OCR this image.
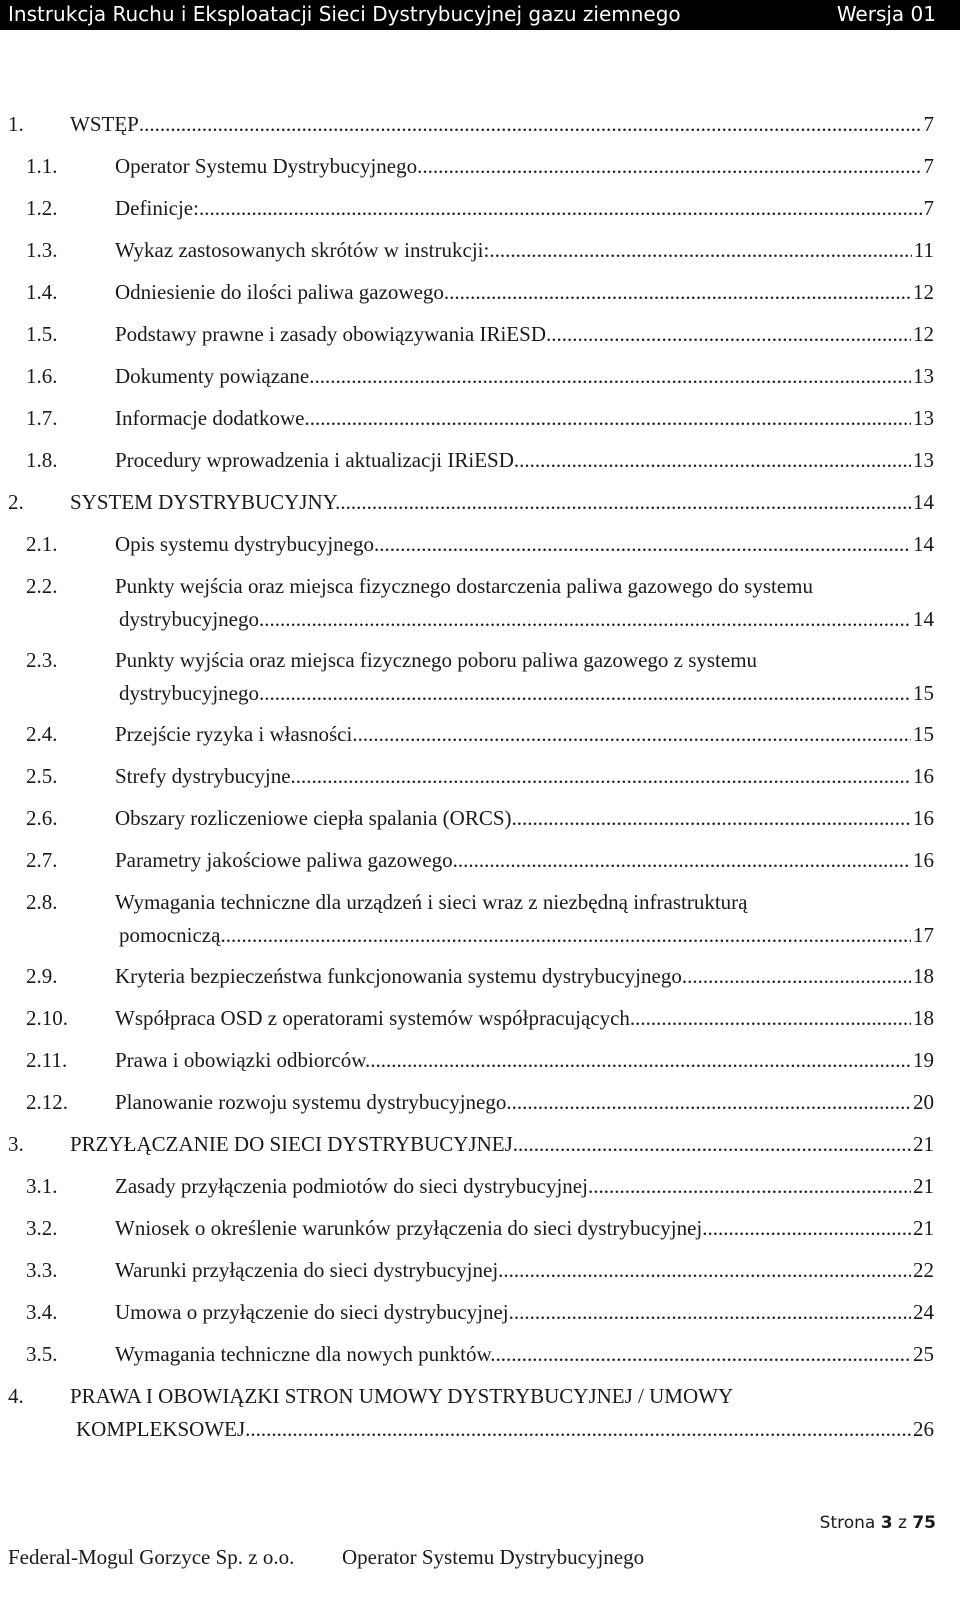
Instrukcja Ruchu i Eksploatacji Sieci Dystrybucyjnej gazu ziemnego	Wersja 01
1. WSTĘP .....	7
1.1.	Operator Systemu Dystrybucyjnego. .....	7
1.2.	Definicje: .....	7
1.3.	Wykaz zastosowanych skrótów w instrukcji: .....	11
1.4.	Odniesienie do ilości paliwa gazowego. .....	12
1.5.	Podstawy prawne i zasady obowiązywania IRiESD. .....	12
1.6.	Dokumenty powiązane. .....	13
1.7.	Informacje dodatkowe. .....	13
1.8.	Procedury wprowadzenia i aktualizacji IRiESD. .....	13
2. SYSTEM DYSTRYBUCYJNY. .....	14
2.1.	Opis systemu dystrybucyjnego. .....	14
2.2.	Punkty wejścia oraz miejsca fizycznego dostarczenia paliwa gazowego do systemu
dystrybucyjnego. .....	14
2.3.	Punkty wyjścia oraz miejsca fizycznego poboru paliwa gazowego z systemu
dystrybucyjnego. .....	15
2.4.	Przejście ryzyka i własności. .....	15
2.5.	Strefy dystrybucyjne. .....	16
2.6.	Obszary rozliczeniowe ciepła spalania (ORCS). .....	16
2.7.	Parametry jakościowe paliwa gazowego. .....	16
2.8.	Wymagania techniczne dla urządzeń i sieci wraz z niezbędną infrastrukturą
pomocniczą. .....	17
2.9.	Kryteria bezpieczeństwa funkcjonowania systemu dystrybucyjnego. .....	18
2.10. Współpraca OSD z operatorami systemów współpracujących. .....	18
2.11. Prawa i obowiązki odbiorców. .....	19
2.12. Planowanie rozwoju systemu dystrybucyjnego. .....	20
3. PRZYŁĄCZANIE DO SIECI DYSTRYBUCYJNEJ. .....	21
3.1.	Zasady przyłączenia podmiotów do sieci dystrybucyjnej. .....	21
3.2.	Wniosek o określenie warunków przyłączenia do sieci dystrybucyjnej. .....	21
3.3.	Warunki przyłączenia do sieci dystrybucyjnej. .....	22
3.4.	Umowa o przyłączenie do sieci dystrybucyjnej. .....	24
3.5.	Wymagania techniczne dla nowych punktów. .....	25
4. PRAWA I OBOWIĄZKI STRON UMOWY DYSTRYBUCYJNEJ / UMOWY
KOMPLEKSOWEJ .....	26
Strona 3 z 75
Federal-Mogul Gorzyce Sp. z o.o. Operator Systemu Dystrybucyjnego
